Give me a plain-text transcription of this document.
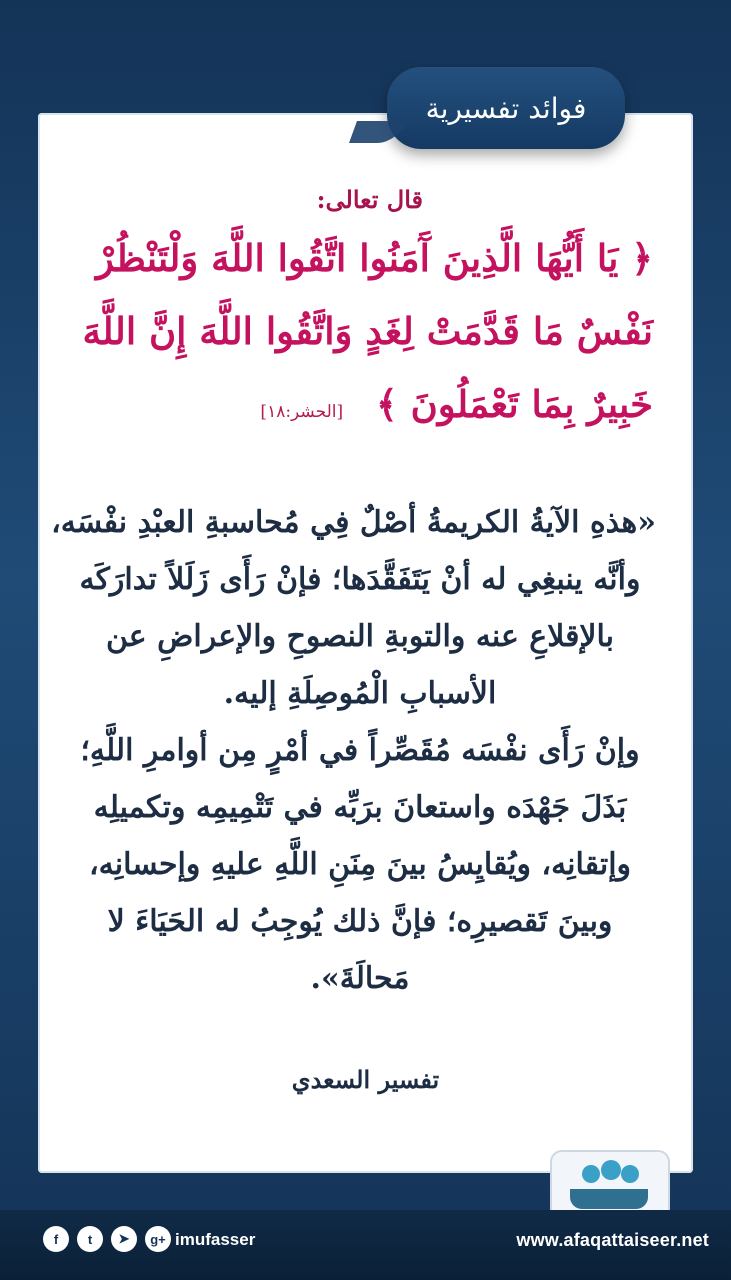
فوائد تفسيرية
قال تعالى:
﴿ يَا أَيُّهَا الَّذِينَ آَمَنُوا اتَّقُوا اللَّهَ وَلْتَنْظُرْ
نَفْسٌ مَا قَدَّمَتْ لِغَدٍ وَاتَّقُوا اللَّهَ إِنَّ اللَّهَ
خَبِيرٌ بِمَا تَعْمَلُونَ ﴾ [الحشر:١٨]
«هذهِ الآيةُ الكريمةُ أصْلٌ فِي مُحاسبةِ العبْدِ نفْسَه،
وأنَّه ينبغِي له أنْ يَتَفَقَّدَها؛ فإنْ رَأَى زَلَلاً تدارَكَه
بالإقلاعِ عنه والتوبةِ النصوحِ والإعراضِ عن
الأسبابِ الْمُوصِلَةِ إليه.
وإنْ رَأَى نفْسَه مُقَصِّراً في أمْرٍ مِن أوامرِ اللَّهِ؛
بَذَلَ جَهْدَه واستعانَ برَبِّه في تَتْمِيمِه وتكميلِه
وإتقانِه، ويُقايِسُ بينَ مِنَنِ اللَّهِ عليهِ وإحسانِه،
وبينَ تَقصيرِه؛ فإنَّ ذلك يُوجِبُ له الحَيَاءَ لا
مَحالَةَ».
تفسير السعدي
f	t	➤	g+ imufasser	www.afaqattaiseer.net
